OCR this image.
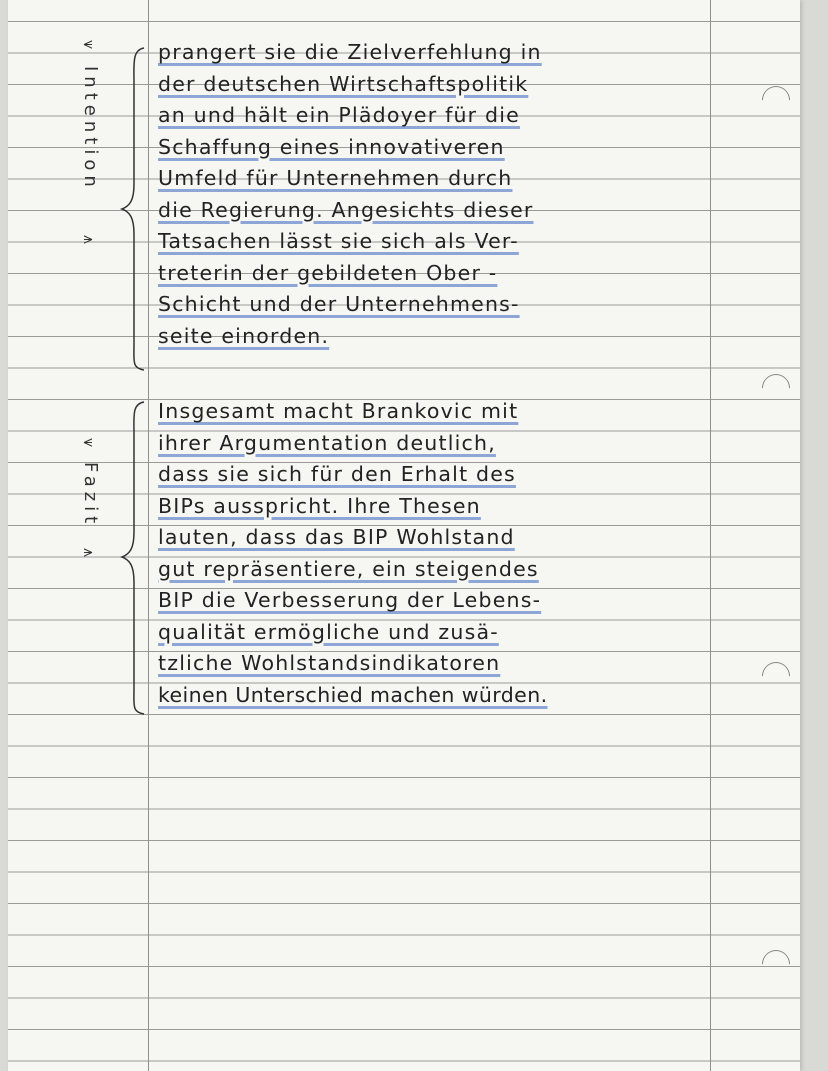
⩛
Intention
⩚
⩛
Fazit
⩚
prangert sie die Zielverfehlung in
der deutschen Wirtschaftspolitik
an und hält ein Plädoyer für die
Schaffung eines innovativeren
Umfeld für Unternehmen durch
die Regierung. Angesichts dieser
Tatsachen lässt sie sich als Ver-
treterin der gebildeten Ober -
Schicht und der Unternehmens-
seite einorden.
Insgesamt macht Brankovic mit
ihrer Argumentation deutlich,
dass sie sich für den Erhalt des
BIPs ausspricht. Ihre Thesen
lauten, dass das BIP Wohlstand
gut repräsentiere, ein steigendes
BIP die Verbesserung der Lebens-
qualität ermögliche und zusä-
tzliche Wohlstandsindikatoren
keinen Unterschied machen würden.
